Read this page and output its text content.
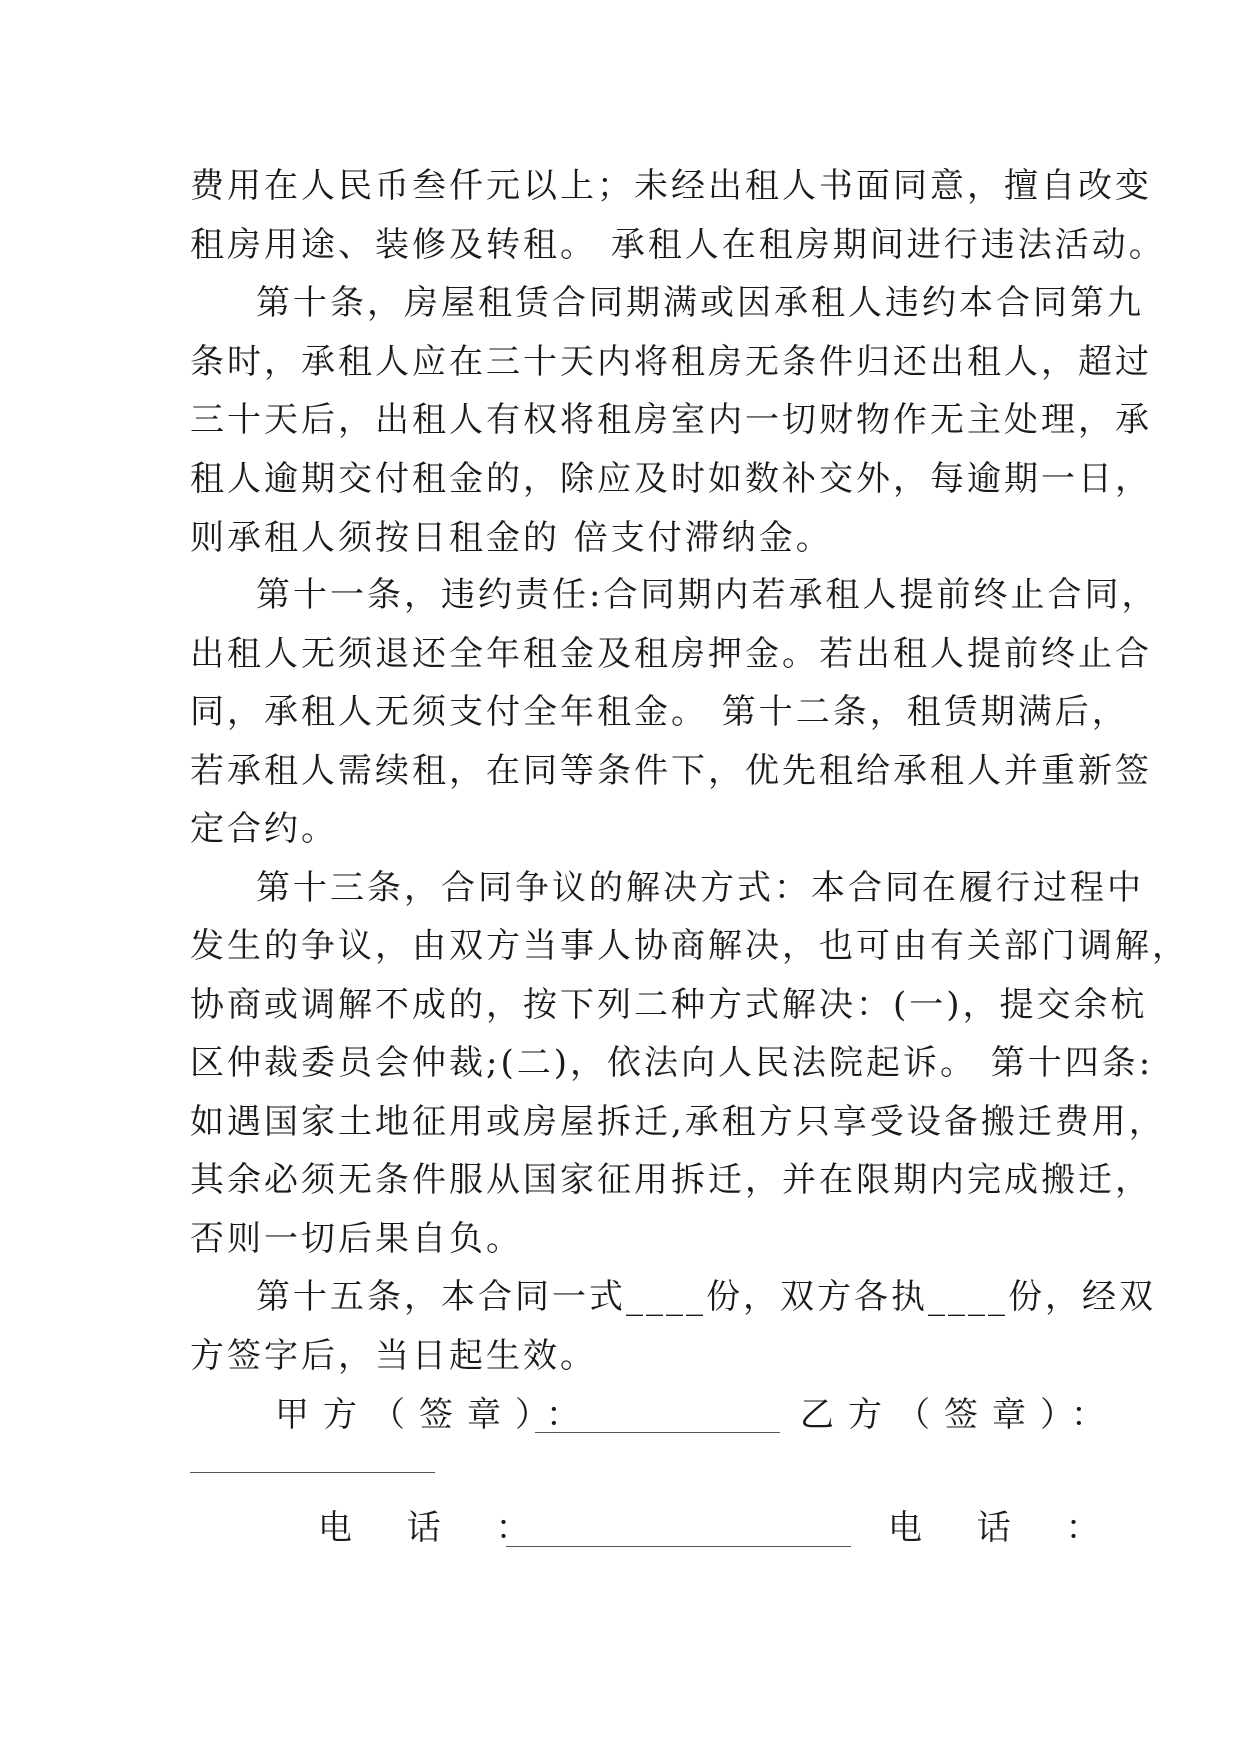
费用在人民币叁仟元以上；未经出租人书面同意，擅自改变
租房用途、装修及转租。 承租人在租房期间进行违法活动。
第十条，房屋租赁合同期满或因承租人违约本合同第九
条时，承租人应在三十天内将租房无条件归还出租人，超过
三十天后，出租人有权将租房室内一切财物作无主处理，承
租人逾期交付租金的，除应及时如数补交外，每逾期一日，
则承租人须按日租金的 倍支付滞纳金。
第十一条，违约责任:合同期内若承租人提前终止合同，
出租人无须退还全年租金及租房押金。若出租人提前终止合
同，承租人无须支付全年租金。 第十二条，租赁期满后，
若承租人需续租，在同等条件下，优先租给承租人并重新签
定合约。
第十三条，合同争议的解决方式：本合同在履行过程中
发生的争议，由双方当事人协商解决，也可由有关部门调解，
协商或调解不成的，按下列二种方式解决：(一)，提交余杭
区仲裁委员会仲裁;(二)，依法向人民法院起诉。 第十四条:
如遇国家土地征用或房屋拆迁,承租方只享受设备搬迁费用，
其余必须无条件服从国家征用拆迁，并在限期内完成搬迁，
否则一切后果自负。
第十五条，本合同一式____份，双方各执____份，经双
方签字后，当日起生效。
甲方（签章）：	乙方（签章）：
电 话 ：	电 话 ：
